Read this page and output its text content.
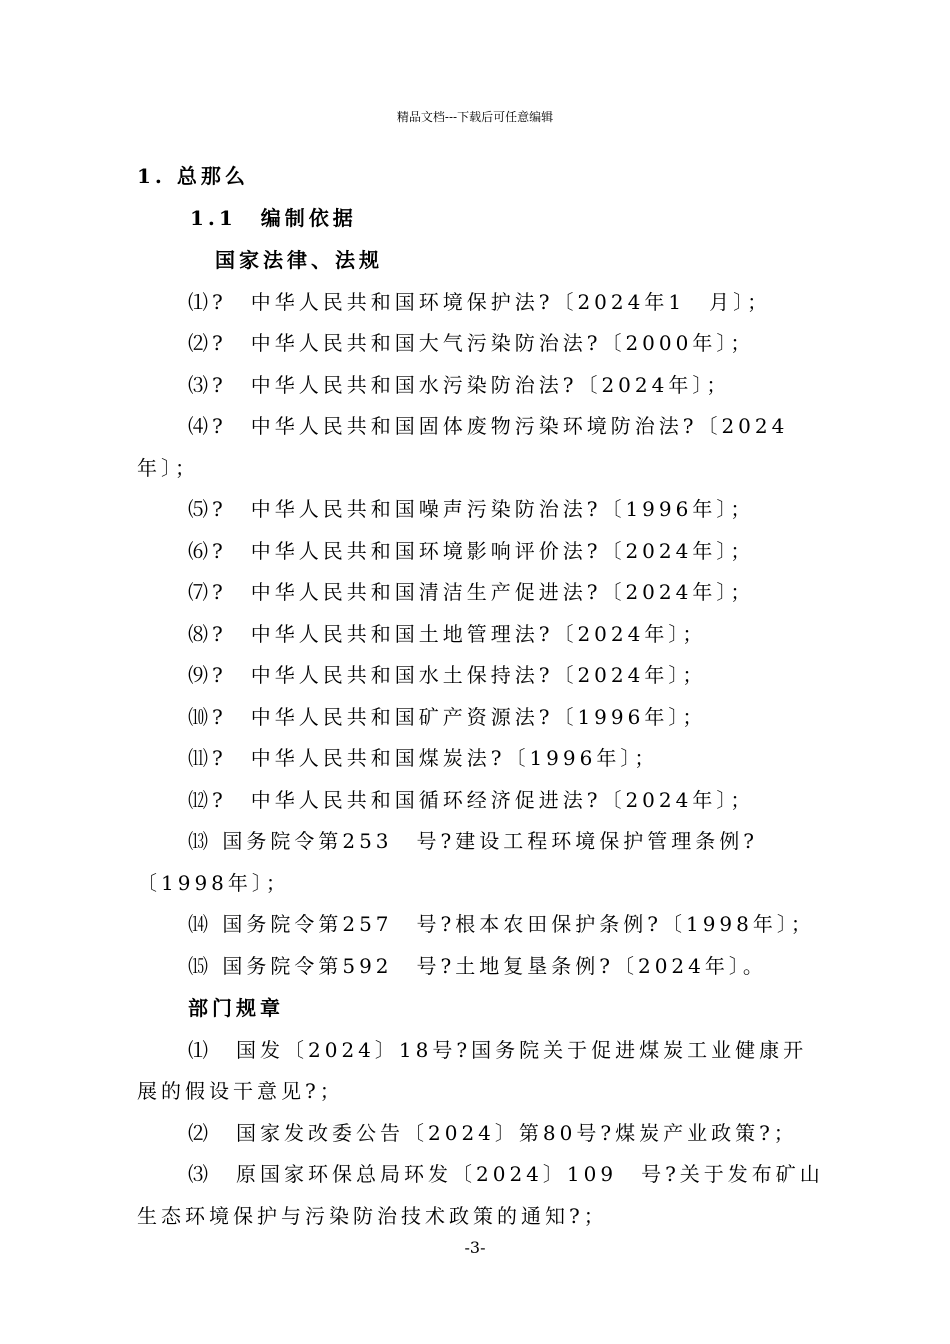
精品文档---下载后可任意编辑
1. 总那么
1.1　编制依据
国家法律、法规
⑴?　中华人民共和国环境保护法?〔2024年1　月〕；
⑵?　中华人民共和国大气污染防治法?〔2000年〕；
⑶?　中华人民共和国水污染防治法?〔2024年〕；
⑷?　中华人民共和国固体废物污染环境防治法?〔2024
年〕；
⑸?　中华人民共和国噪声污染防治法?〔1996年〕；
⑹?　中华人民共和国环境影响评价法?〔2024年〕；
⑺?　中华人民共和国清洁生产促进法?〔2024年〕；
⑻?　中华人民共和国土地管理法?〔2024年〕；
⑼?　中华人民共和国水土保持法?〔2024年〕；
⑽?　中华人民共和国矿产资源法?〔1996年〕；
⑾?　中华人民共和国煤炭法?〔1996年〕；
⑿?　中华人民共和国循环经济促进法?〔2024年〕；
⒀ 国务院令第253　号?建设工程环境保护管理条例?
〔1998年〕；
⒁ 国务院令第257　号?根本农田保护条例?〔1998年〕；
⒂ 国务院令第592　号?土地复垦条例?〔2024年〕。
部门规章
⑴　国发〔2024〕18号?国务院关于促进煤炭工业健康开
展的假设干意见?；
⑵　国家发改委公告〔2024〕第80号?煤炭产业政策?；
⑶　原国家环保总局环发〔2024〕109　号?关于发布矿山
生态环境保护与污染防治技术政策的通知?；
-3-
